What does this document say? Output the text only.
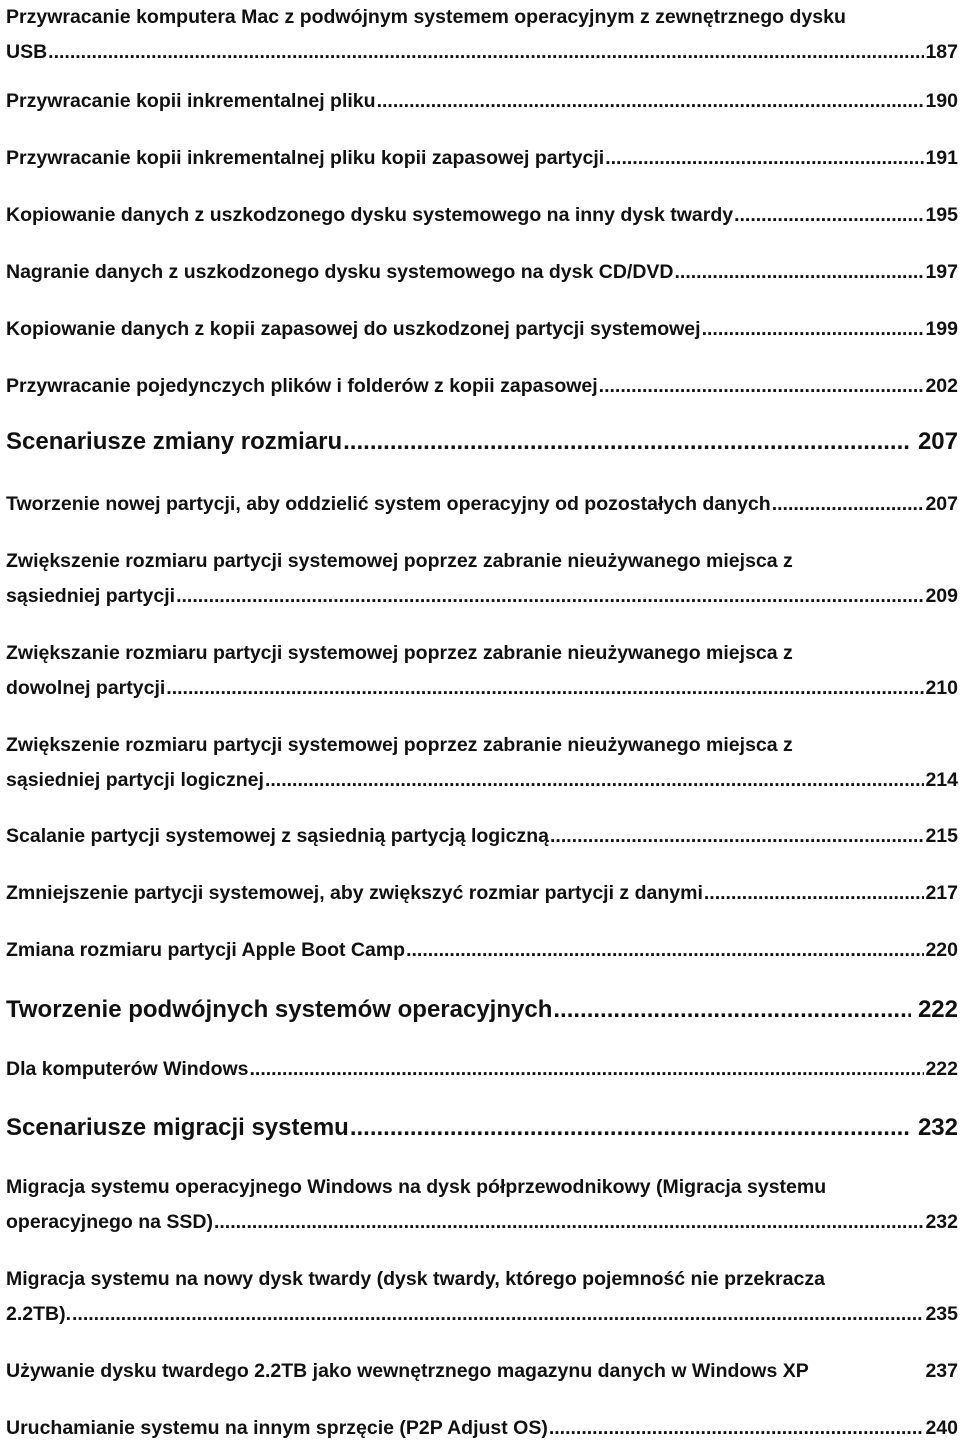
Przywracanie komputera Mac z podwójnym systemem operacyjnym z zewnętrznego dysku
USB .....	187
Przywracanie kopii inkrementalnej pliku .....	190
Przywracanie kopii inkrementalnej pliku kopii zapasowej partycji .....	191
Kopiowanie danych z uszkodzonego dysku systemowego na inny dysk twardy .....	195
Nagranie danych z uszkodzonego dysku systemowego na dysk CD/DVD .....	197
Kopiowanie danych z kopii zapasowej do uszkodzonej partycji systemowej .....	199
Przywracanie pojedynczych plików i folderów z kopii zapasowej .....	202
Scenariusze zmiany rozmiaru .....	207
Tworzenie nowej partycji, aby oddzielić system operacyjny od pozostałych danych .....	207
Zwiększenie rozmiaru partycji systemowej poprzez zabranie nieużywanego miejsca z
sąsiedniej partycji .....	209
Zwiększanie rozmiaru partycji systemowej poprzez zabranie nieużywanego miejsca z
dowolnej partycji .....	210
Zwiększenie rozmiaru partycji systemowej poprzez zabranie nieużywanego miejsca z
sąsiedniej partycji logicznej .....	214
Scalanie partycji systemowej z sąsiednią partycją logiczną .....	215
Zmniejszenie partycji systemowej, aby zwiększyć rozmiar partycji z danymi .....	217
Zmiana rozmiaru partycji Apple Boot Camp .....	220
Tworzenie podwójnych systemów operacyjnych .....	222
Dla komputerów Windows .....	222
Scenariusze migracji systemu .....	232
Migracja systemu operacyjnego Windows na dysk półprzewodnikowy (Migracja systemu
operacyjnego na SSD) .....	232
Migracja systemu na nowy dysk twardy (dysk twardy, którego pojemność nie przekracza
2.2TB). .....	235
Używanie dysku twardego 2.2TB jako wewnętrznego magazynu danych w Windows XP	237
Uruchamianie systemu na innym sprzęcie (P2P Adjust OS) .....	240
